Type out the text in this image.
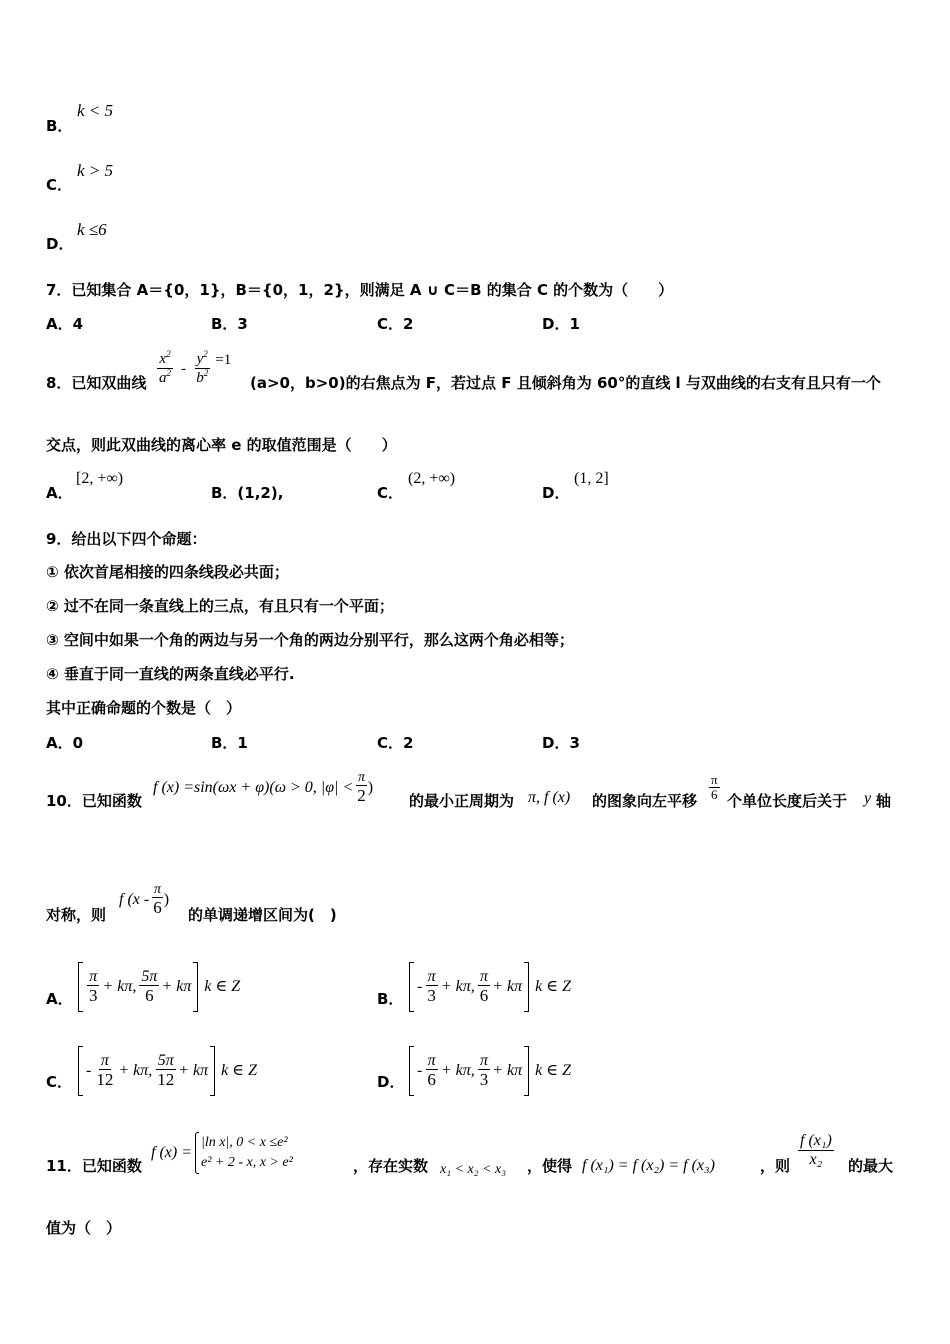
k < 5
B．
k > 5
C．
k ≤6
D．
7．已知集合 A＝{0，1}，B＝{0，1，2}，则满足 A ∪ C＝B 的集合 C 的个数为（　　）
A．4	B．3	C．2	D．1
8．已知双曲线 $\frac{x^2}{a^2} - \frac{y^2}{b^2} =1$
(a>0，b>0)的右焦点为 F，若过点 F 且倾斜角为 60°的直线 l 与双曲线的右支有且只有一个
交点，则此双曲线的离心率 e 的取值范围是（　　）
A．
[2, +∞)
B．(1,2),	C．
(2, +∞)
D．
(1, 2]
9．给出以下四个命题：
① 依次首尾相接的四条线段必共面；
② 过不在同一条直线上的三点，有且只有一个平面；
③ 空间中如果一个角的两边与另一个角的两边分别平行，那么这两个角必相等；
④ 垂直于同一直线的两条直线必平行.
其中正确命题的个数是（　）
A．0	B．1	C．2	D．3
10．已知函数
f (x) =sin(ωx + φ)(ω > 0, $|\varphi| < \frac{\pi}{2}$ )
的最小正周期为 π, f (x) 的图象向左平移 $\frac{\pi}{6}$ 个单位长度后关于 y 轴
对称，则
f ($x - \frac{\pi}{6}$ )
的单调递增区间为(　)
A． $\frac{\pi}{3} + k\pi$, $\frac{5\pi}{6} + k\pi$ k ∈ Z
B．
- $\frac{\pi}{3} + k\pi$, $\frac{\pi}{6} + k\pi$ k ∈ Z
C．
- $\frac{\pi}{12} + k\pi$, $\frac{5\pi}{12} + k\pi$ k ∈ Z
D．
- $\frac{\pi}{6} + k\pi$, $\frac{\pi}{3} + k\pi$ k ∈ Z
11．已知函数
f (x) =
|ln x|, 0 < x ≤e²
e² + 2 - x, x > e²	，存在实数 x₁ < x₂ < x₃ ，使得 f (x₁) = f (x₂) = f (x₃)	，则 $\frac{\text{f (x₁)}}{\text{x₂}}$ 的最大
值为（　）
